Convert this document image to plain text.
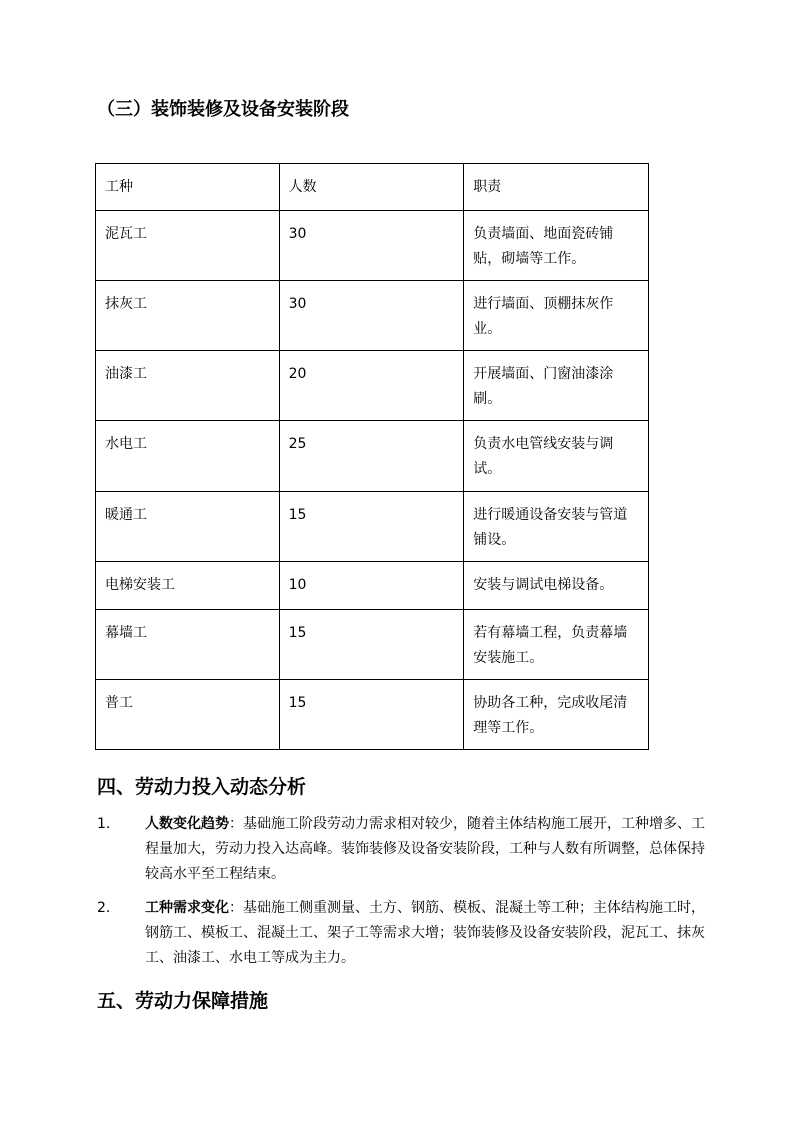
（三）装饰装修及设备安装阶段
工种	人数	职责
泥瓦工	30	负责墙面、地面瓷砖铺贴，砌墙等工作。
抹灰工	30	进行墙面、顶棚抹灰作业。
油漆工	20	开展墙面、门窗油漆涂刷。
水电工	25	负责水电管线安装与调试。
暖通工	15	进行暖通设备安装与管道铺设。
电梯安装工	10	安装与调试电梯设备。
幕墙工	15	若有幕墙工程，负责幕墙安装施工。
普工	15	协助各工种，完成收尾清理等工作。
四、劳动力投入动态分析
1. 人数变化趋势：基础施工阶段劳动力需求相对较少，随着主体结构施工展开，工种增多、工程量加大，劳动力投入达高峰。装饰装修及设备安装阶段，工种与人数有所调整，总体保持较高水平至工程结束。
2. 工种需求变化：基础施工侧重测量、土方、钢筋、模板、混凝土等工种；主体结构施工时，钢筋工、模板工、混凝土工、架子工等需求大增；装饰装修及设备安装阶段，泥瓦工、抹灰工、油漆工、水电工等成为主力。
五、劳动力保障措施
